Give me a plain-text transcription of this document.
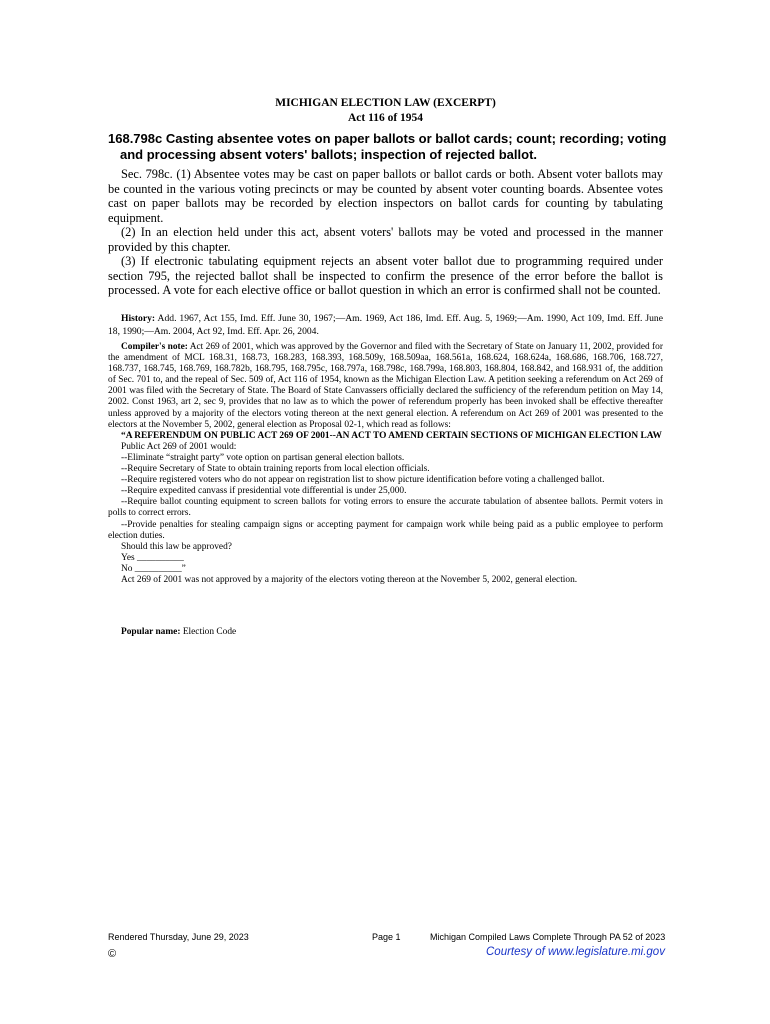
MICHIGAN ELECTION LAW (EXCERPT)
Act 116 of 1954
168.798c Casting absentee votes on paper ballots or ballot cards; count; recording; voting and processing absent voters' ballots; inspection of rejected ballot.

Sec. 798c. (1) Absentee votes may be cast on paper ballots or ballot cards or both. Absent voter ballots may be counted in the various voting precincts or may be counted by absent voter counting boards. Absentee votes cast on paper ballots may be recorded by election inspectors on ballot cards for counting by tabulating equipment.

(2) In an election held under this act, absent voters' ballots may be voted and processed in the manner provided by this chapter.

(3) If electronic tabulating equipment rejects an absent voter ballot due to programming required under section 795, the rejected ballot shall be inspected to confirm the presence of the error before the ballot is processed. A vote for each elective office or ballot question in which an error is confirmed shall not be counted.

History: Add. 1967, Act 155, Imd. Eff. June 30, 1967;—Am. 1969, Act 186, Imd. Eff. Aug. 5, 1969;—Am. 1990, Act 109, Imd. Eff. June 18, 1990;—Am. 2004, Act 92, Imd. Eff. Apr. 26, 2004.

Compiler's note: Act 269 of 2001, which was approved by the Governor and filed with the Secretary of State on January 11, 2002, provided for the amendment of MCL 168.31, 168.73, 168.283, 168.393, 168.509y, 168.509aa, 168.561a, 168.624, 168.624a, 168.686, 168.706, 168.727, 168.737, 168.745, 168.769, 168.782b, 168.795, 168.795c, 168.797a, 168.798c, 168.799a, 168.803, 168.804, 168.842, and 168.931 of, the addition of Sec. 701 to, and the repeal of Sec. 509 of, Act 116 of 1954, known as the Michigan Election Law. A petition seeking a referendum on Act 269 of 2001 was filed with the Secretary of State. The Board of State Canvassers officially declared the sufficiency of the referendum petition on May 14, 2002. Const 1963, art 2, sec 9, provides that no law as to which the power of referendum properly has been invoked shall be effective thereafter unless approved by a majority of the electors voting thereon at the next general election. A referendum on Act 269 of 2001 was presented to the electors at the November 5, 2002, general election as Proposal 02-1, which read as follows:

“A REFERENDUM ON PUBLIC ACT 269 OF 2001--AN ACT TO AMEND CERTAIN SECTIONS OF MICHIGAN ELECTION LAW

Public Act 269 of 2001 would:

--Eliminate “straight party” vote option on partisan general election ballots.

--Require Secretary of State to obtain training reports from local election officials.

--Require registered voters who do not appear on registration list to show picture identification before voting a challenged ballot.

--Require expedited canvass if presidential vote differential is under 25,000.

--Require ballot counting equipment to screen ballots for voting errors to ensure the accurate tabulation of absentee ballots. Permit voters in polls to correct errors.

--Provide penalties for stealing campaign signs or accepting payment for campaign work while being paid as a public employee to perform election duties.

Should this law be approved?

Yes __________

No __________”

Act 269 of 2001 was not approved by a majority of the electors voting thereon at the November 5, 2002, general election.

Popular name: Election Code
Rendered Thursday, June 29, 2023	Page 1	Michigan Compiled Laws Complete Through PA 52 of 2023
©	Courtesy of www.legislature.mi.gov
